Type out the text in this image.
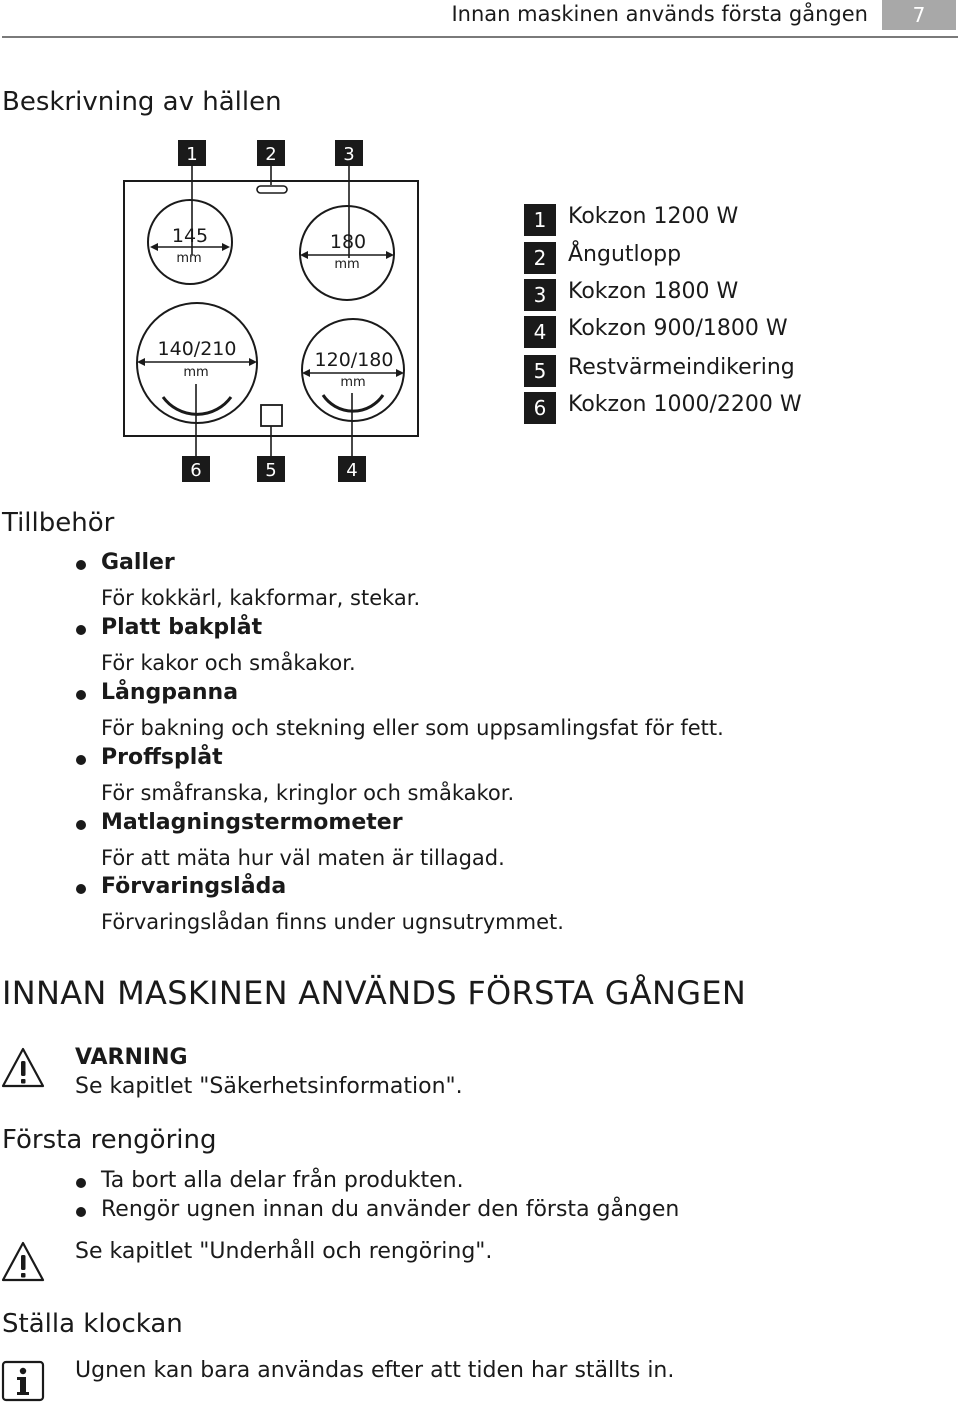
Innan maskinen används första gången	7
Beskrivning av hällen
1	2	3
145
mm
180
mm
140/210
mm
120/180
mm
6	5	4
1 Kokzon 1200 W
2 Ångutlopp
3 Kokzon 1800 W
4 Kokzon 900/1800 W
5 Restvärmeindikering
6 Kokzon 1000/2200 W
Tillbehör
Galler
För kokkärl, kakformar, stekar.
Platt bakplåt
För kakor och småkakor.
Långpanna
För bakning och stekning eller som uppsamlingsfat för fett.
Proffsplåt
För småfranska, kringlor och småkakor.
Matlagningstermometer
För att mäta hur väl maten är tillagad.
Förvaringslåda
Förvaringslådan finns under ugnsutrymmet.
INNAN MASKINEN ANVÄNDS FÖRSTA GÅNGEN
VARNING
Se kapitlet "Säkerhetsinformation".
Första rengöring
Ta bort alla delar från produkten.
Rengör ugnen innan du använder den första gången
Se kapitlet "Underhåll och rengöring".
Ställa klockan
Ugnen kan bara användas efter att tiden har ställts in.
